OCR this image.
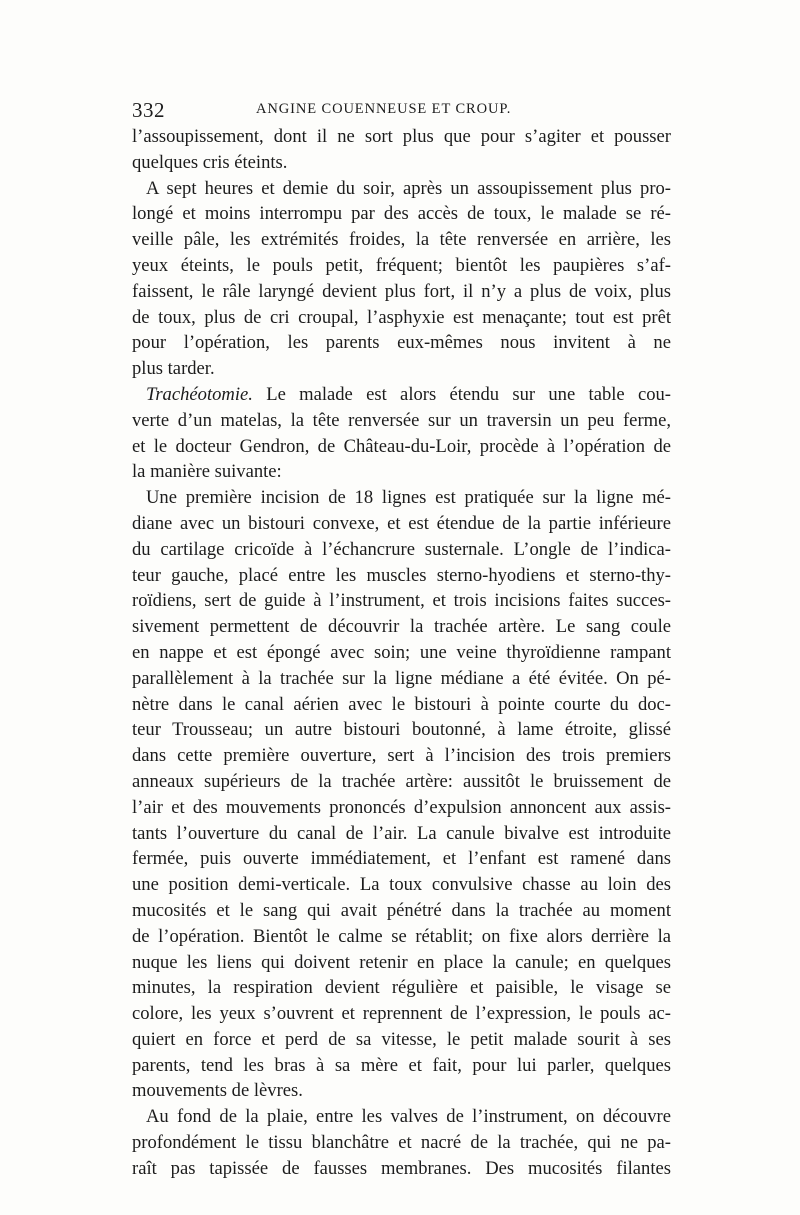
332	ANGINE COUENNEUSE ET CROUP.
l’assoupissement, dont il ne sort plus que pour s’agiter et pousser
quelques cris éteints.
A sept heures et demie du soir, après un assoupissement plus pro-
longé et moins interrompu par des accès de toux, le malade se ré-
veille pâle, les extrémités froides, la tête renversée en arrière, les
yeux éteints, le pouls petit, fréquent; bientôt les paupières s’af-
faissent, le râle laryngé devient plus fort, il n’y a plus de voix, plus
de toux, plus de cri croupal, l’asphyxie est menaçante; tout est prêt
pour l’opération, les parents eux-mêmes nous invitent à ne
plus tarder.
Trachéotomie. Le malade est alors étendu sur une table cou-
verte d’un matelas, la tête renversée sur un traversin un peu ferme,
et le docteur Gendron, de Château-du-Loir, procède à l’opération de
la manière suivante:
Une première incision de 18 lignes est pratiquée sur la ligne mé-
diane avec un bistouri convexe, et est étendue de la partie inférieure
du cartilage cricoïde à l’échancrure susternale. L’ongle de l’indica-
teur gauche, placé entre les muscles sterno-hyodiens et sterno-thy-
roïdiens, sert de guide à l’instrument, et trois incisions faites succes-
sivement permettent de découvrir la trachée artère. Le sang coule
en nappe et est épongé avec soin; une veine thyroïdienne rampant
parallèlement à la trachée sur la ligne médiane a été évitée. On pé-
nètre dans le canal aérien avec le bistouri à pointe courte du doc-
teur Trousseau; un autre bistouri boutonné, à lame étroite, glissé
dans cette première ouverture, sert à l’incision des trois premiers
anneaux supérieurs de la trachée artère: aussitôt le bruissement de
l’air et des mouvements prononcés d’expulsion annoncent aux assis-
tants l’ouverture du canal de l’air. La canule bivalve est introduite
fermée, puis ouverte immédiatement, et l’enfant est ramené dans
une position demi-verticale. La toux convulsive chasse au loin des
mucosités et le sang qui avait pénétré dans la trachée au moment
de l’opération. Bientôt le calme se rétablit; on fixe alors derrière la
nuque les liens qui doivent retenir en place la canule; en quelques
minutes, la respiration devient régulière et paisible, le visage se
colore, les yeux s’ouvrent et reprennent de l’expression, le pouls ac-
quiert en force et perd de sa vitesse, le petit malade sourit à ses
parents, tend les bras à sa mère et fait, pour lui parler, quelques
mouvements de lèvres.
Au fond de la plaie, entre les valves de l’instrument, on découvre
profondément le tissu blanchâtre et nacré de la trachée, qui ne pa-
raît pas tapissée de fausses membranes. Des mucosités filantes
